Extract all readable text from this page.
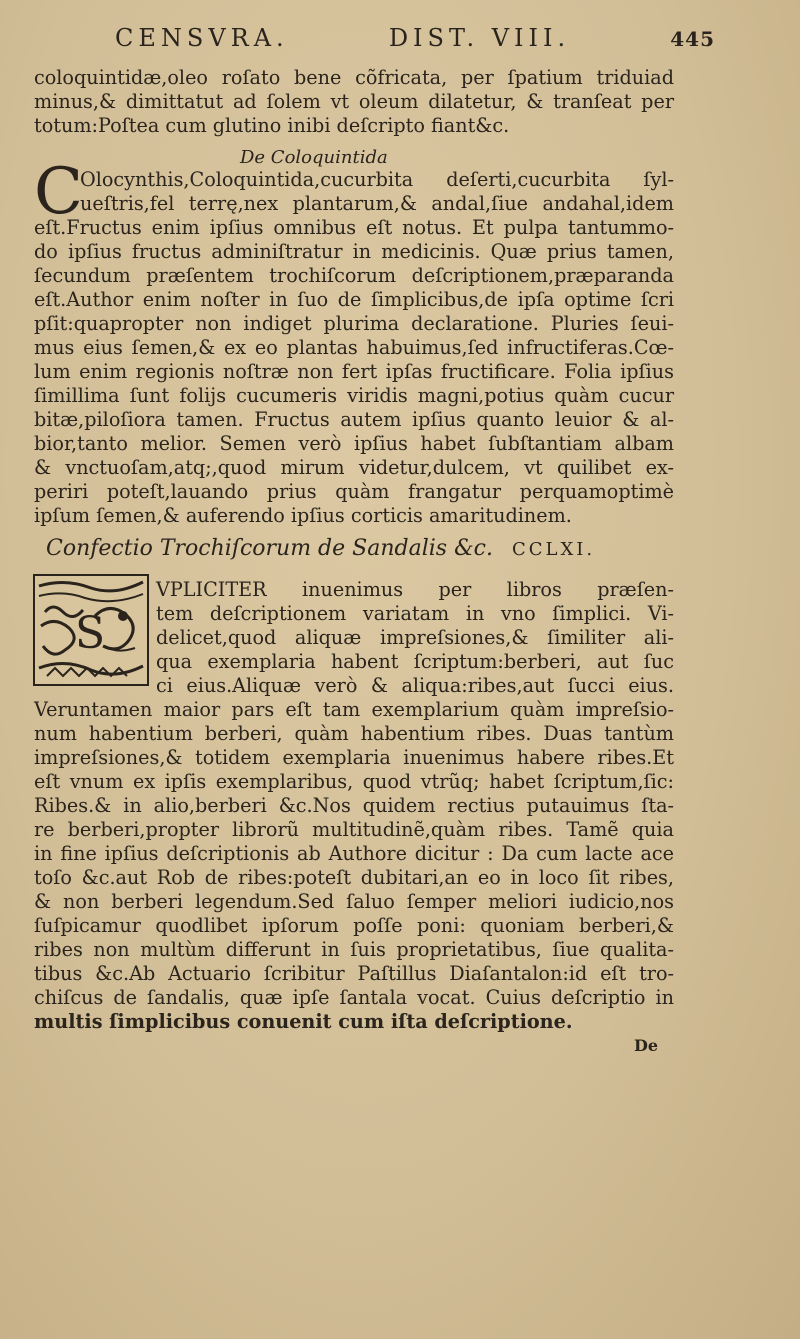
CENSVRA.	DIST. VIII.	445
coloquintidæ,oleo roſato bene cõfricata, per ſpatium triduiad
minus,& dimittatut ad ſolem vt oleum dilatetur, & tranſeat per
totum:Poſtea cum glutino inibi deſcripto fiant&c.
De Coloquintida
C
Olocynthis,Coloquintida,cucurbita deſerti,cucurbita ſyl-
ueſtris,fel terrę,nex plantarum,& andal,ſiue andahal,idem
eſt.Fructus enim ipſius omnibus eſt notus. Et pulpa tantummo-
do ipſius fructus adminiſtratur in medicinis. Quæ prius tamen,
ſecundum præſentem trochiſcorum deſcriptionem,præparanda
eſt.Author enim noſter in ſuo de ſimplicibus,de ipſa optime ſcri
pſit:quapropter non indiget plurima declaratione. Pluries ſeui-
mus eius ſemen,& ex eo plantas habuimus,ſed infructiferas.Cœ-
lum enim regionis noſtræ non fert ipſas fructificare. Folia ipſius
ſimillima ſunt folijs cucumeris viridis magni,potius quàm cucur
bitæ,piloſiora tamen. Fructus autem ipſius quanto leuior & al-
bior,tanto melior. Semen verò ipſius habet ſubſtantiam albam
& vnctuoſam,atq;,quod mirum videtur,dulcem, vt quilibet ex-
periri poteſt,lauando prius quàm frangatur perquamoptimè
ipſum ſemen,& auferendo ipſius corticis amaritudinem.
Confectio Trochiſcorum de Sandalis &c. CCLXI.
S
VPLICITER inuenimus per libros præſen-
tem deſcriptionem variatam in vno ſimplici. Vi-
delicet,quod aliquæ impreſsiones,& ſimiliter ali-
qua exemplaria habent ſcriptum:berberi, aut ſuc
ci eius.Aliquæ verò & aliqua:ribes,aut ſucci eius.
Veruntamen maior pars eſt tam exemplarium quàm impreſsio-
num habentium berberi, quàm habentium ribes. Duas tantùm
impreſsiones,& totidem exemplaria inuenimus habere ribes.Et
eſt vnum ex ipſis exemplaribus, quod vtrũq; habet ſcriptum,ſic:
Ribes.& in alio,berberi &c.Nos quidem rectius putauimus ſta-
re berberi,propter librorũ multitudinẽ,quàm ribes. Tamẽ quia
in fine ipſius deſcriptionis ab Authore dicitur : Da cum lacte ace
toſo &c.aut Rob de ribes:poteſt dubitari,an eo in loco ſit ribes,
& non berberi legendum.Sed ſaluo ſemper meliori iudicio,nos
ſuſpicamur quodlibet ipſorum poſſe poni: quoniam berberi,&
ribes non multùm differunt in ſuis proprietatibus, ſiue qualita-
tibus &c.Ab Actuario ſcribitur Paſtillus Diaſantalon:id eſt tro-
chiſcus de ſandalis, quæ ipſe ſantala vocat. Cuius deſcriptio in
multis ſimplicibus conuenit cum iſta deſcriptione.
De
